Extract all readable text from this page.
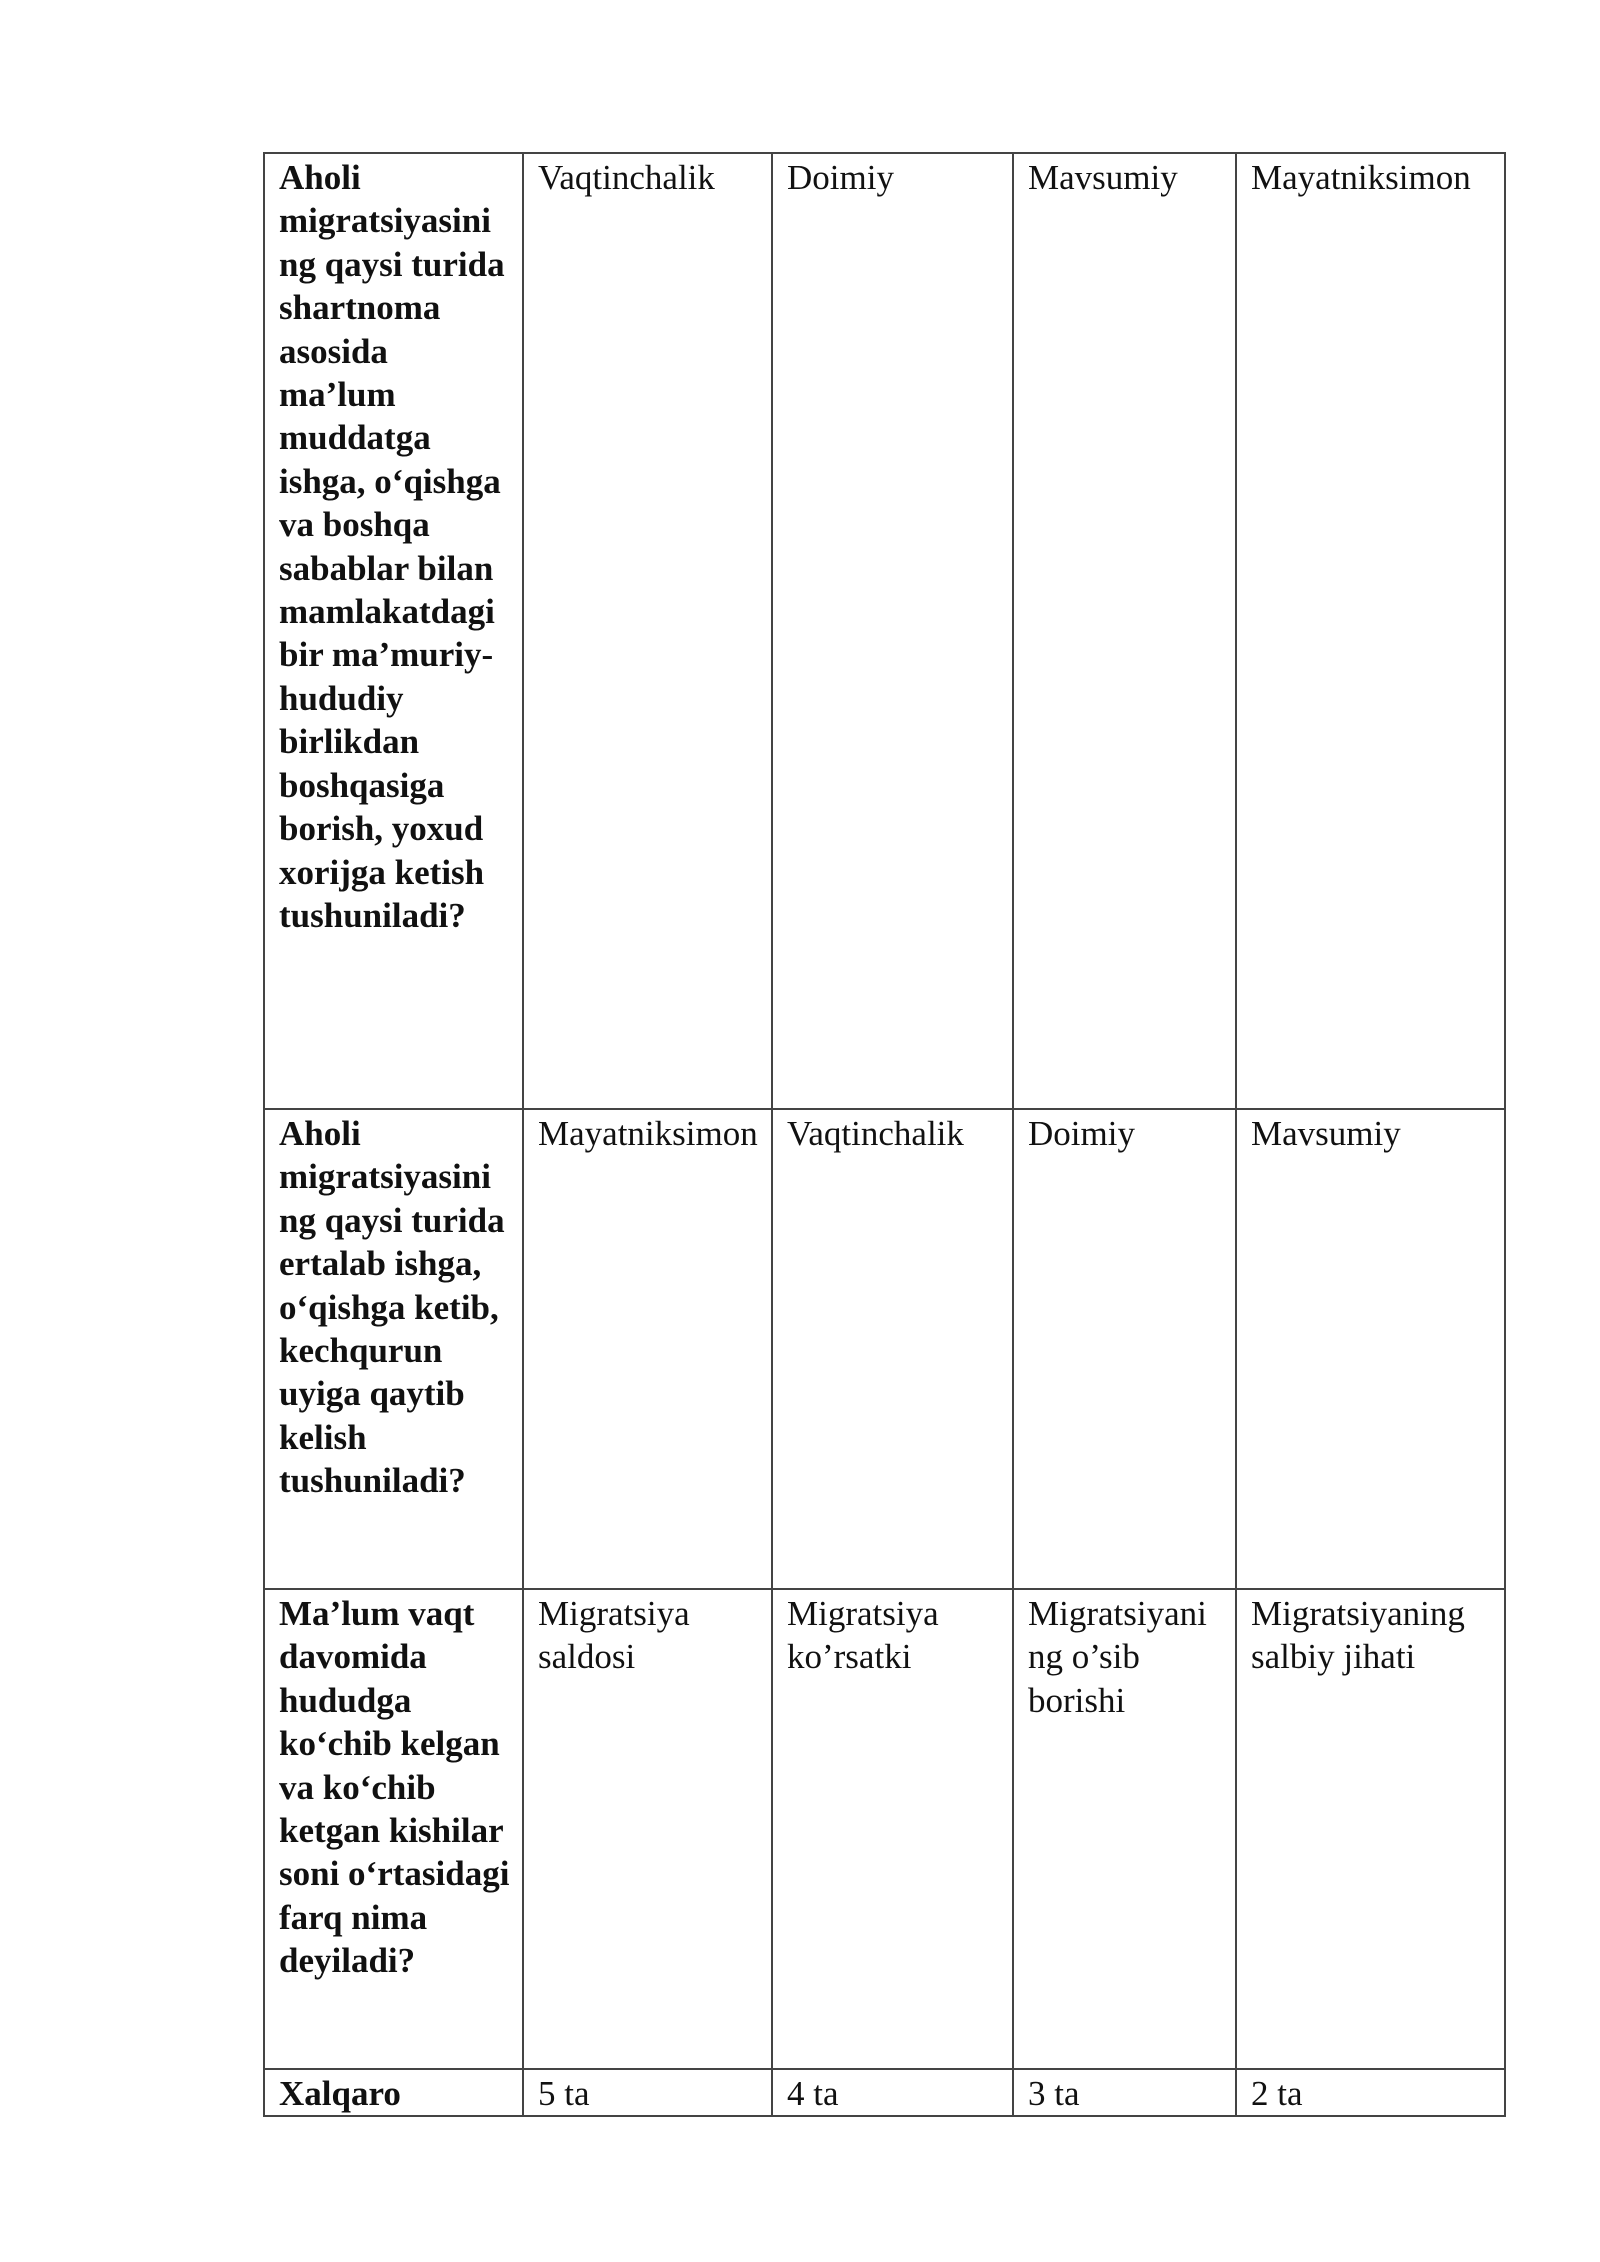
Aholi migratsiyasining qaysi turida shartnoma asosida ma’lum muddatga ishga, o‘qishga va boshqa sabablar bilan mamlakatdagi bir ma’muriy-hududiy birlikdan boshqasiga borish, yoxud xorijga ketish tushuniladi?	Vaqtinchalik	Doimiy	Mavsumiy	Mayatniksimon
Aholi migratsiyasining qaysi turida ertalab ishga, o‘qishga ketib, kechqurun uyiga qaytib kelish tushuniladi?	Mayatniksimon	Vaqtinchalik	Doimiy	Mavsumiy
Ma’lum vaqt davomida hududga ko‘chib kelgan va ko‘chib ketgan kishilar soni o‘rtasidagi farq nima deyiladi?	Migratsiya saldosi	Migratsiya ko’rsatki	Migratsiyaning o’sib borishi	Migratsiyaning salbiy jihati
Xalqaro	5 ta	4 ta	3 ta	2 ta
